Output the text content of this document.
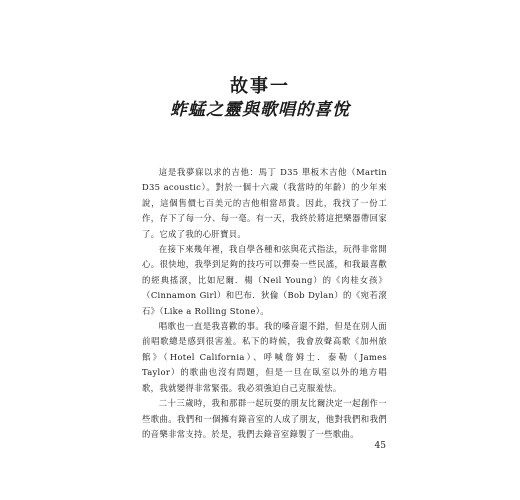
故事一
蚱蜢之靈與歌唱的喜悅

這是我夢寐以求的吉他：馬丁 D35 單板木吉他（Martin D35 acoustic）。對於一個十六歲（我當時的年齡）的少年來說，這個售價七百美元的吉他相當昂貴。因此，我找了一份工作，存下了每一分、每一毫。有一天，我終於將這把樂器帶回家了。它成了我的心肝寶貝。

在接下來幾年裡，我自學各種和弦與花式指法，玩得非常開心。很快地，我學到足夠的技巧可以彈奏一些民謠，和我最喜歡的經典搖滾，比如尼爾．楊（Neil Young）的《肉桂女孩》（Cinnamon Girl）和巴布．狄倫（Bob Dylan）的《宛若滾石》（Like a Rolling Stone）。

唱歌也一直是我喜歡的事。我的嗓音還不錯，但是在別人面前唱歌總是感到很害羞。私下的時候，我會放聲高歌《加州旅館》（Hotel California）、呼喊詹姆士．泰勒（James Taylor）的歌曲也沒有問題，但是一旦在臥室以外的地方唱歌，我就變得非常緊張。我必須強迫自己克服羞怯。

二十三歲時，我和那群一起玩耍的朋友比爾決定一起創作一些歌曲。我們和一個擁有錄音室的人成了朋友，他對我們和我們的音樂非常支持。於是，我們去錄音室錄製了一些歌曲。

45
